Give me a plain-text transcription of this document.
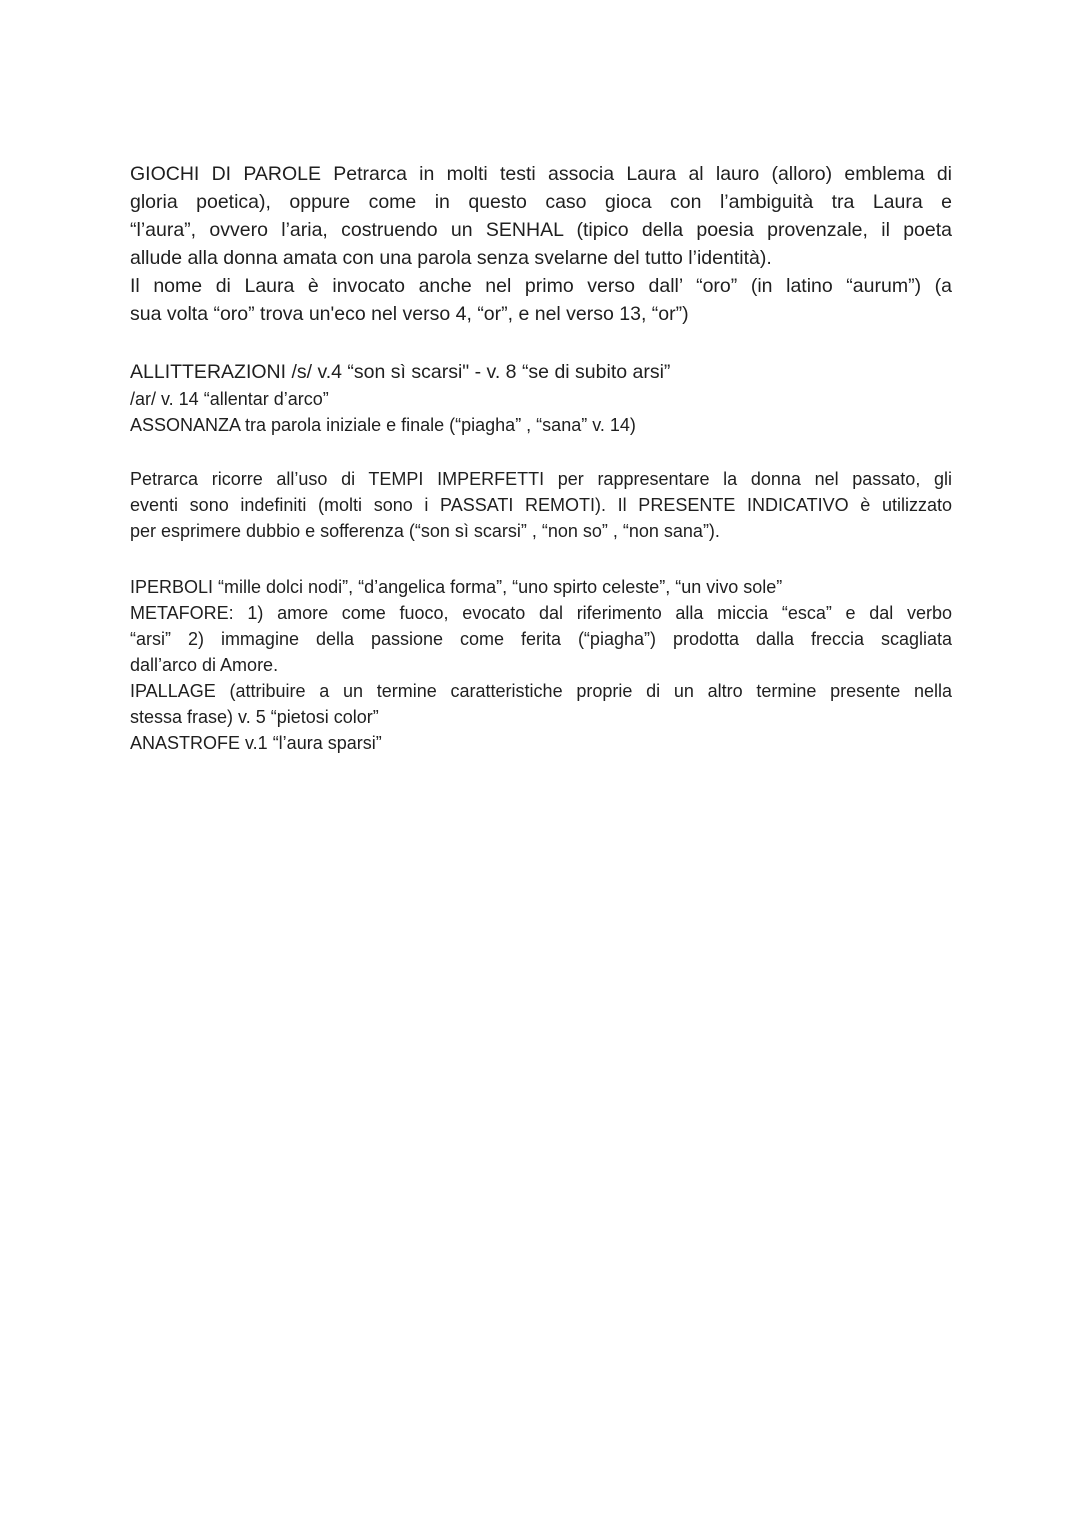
GIOCHI DI PAROLE Petrarca in molti testi associa Laura al lauro (alloro) emblema di
gloria poetica), oppure come in questo caso gioca con l’ambiguità tra Laura e
“l’aura”, ovvero l’aria, costruendo un SENHAL (tipico della poesia provenzale, il poeta
allude alla donna amata con una parola senza svelarne del tutto l’identità).
Il nome di Laura è invocato anche nel primo verso dall’ “oro” (in latino “aurum”) (a
sua volta “oro” trova un'eco nel verso 4, “or”, e nel verso 13, “or”)
ALLITTERAZIONI /s/ v.4 “son sì scarsi" - v. 8 “se di subito arsi”
/ar/ v. 14 “allentar d’arco”
ASSONANZA tra parola iniziale e finale (“piagha” , “sana” v. 14)
Petrarca ricorre all’uso di TEMPI IMPERFETTI per rappresentare la donna nel passato, gli
eventi sono indefiniti (molti sono i PASSATI REMOTI). Il PRESENTE INDICATIVO è utilizzato
per esprimere dubbio e sofferenza (“son sì scarsi” , “non so” , “non sana”).
IPERBOLI “mille dolci nodi”, “d’angelica forma”, “uno spirto celeste”, “un vivo sole”
METAFORE: 1) amore come fuoco, evocato dal riferimento alla miccia “esca” e dal verbo
“arsi” 2) immagine della passione come ferita (“piagha”) prodotta dalla freccia scagliata
dall’arco di Amore.
IPALLAGE (attribuire a un termine caratteristiche proprie di un altro termine presente nella
stessa frase) v. 5 “pietosi color”
ANASTROFE v.1 “l’aura sparsi”
